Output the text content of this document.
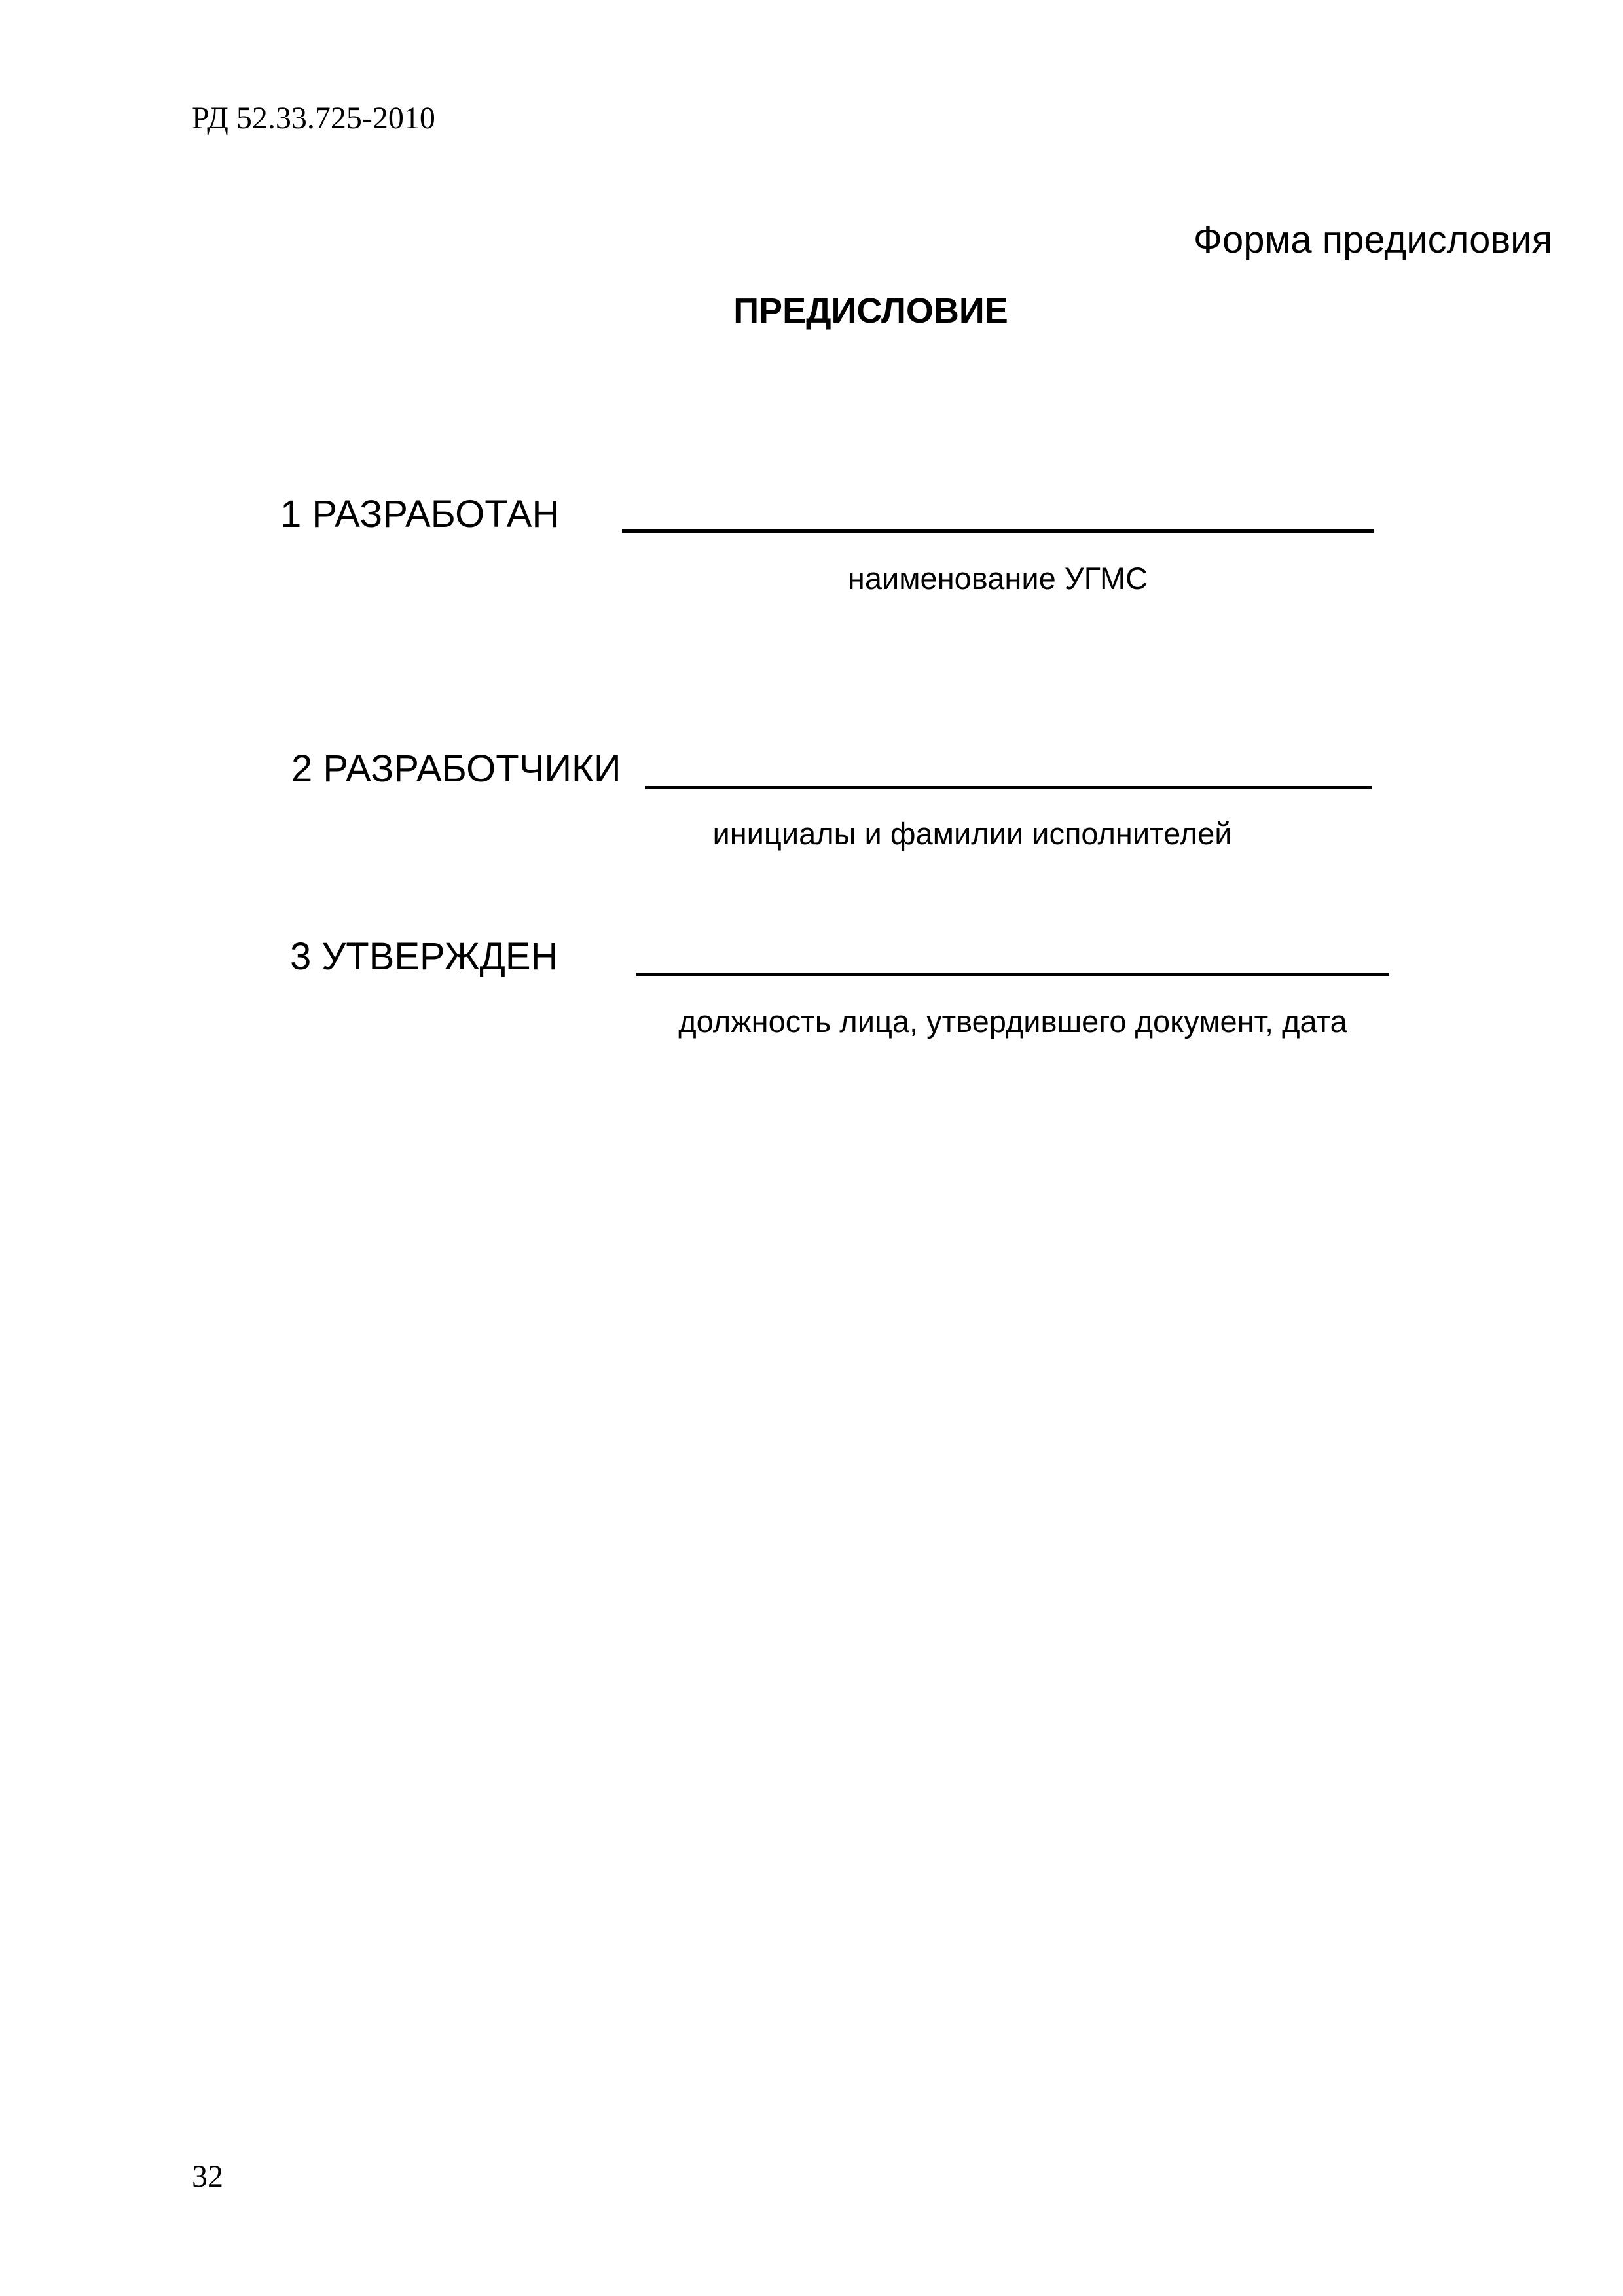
РД 52.33.725-2010
Форма предисловия
ПРЕДИСЛОВИЕ
1 РАЗРАБОТАН
наименование УГМС
2 РАЗРАБОТЧИКИ
инициалы и фамилии исполнителей
3 УТВЕРЖДЕН
должность лица, утвердившего документ, дата
32
